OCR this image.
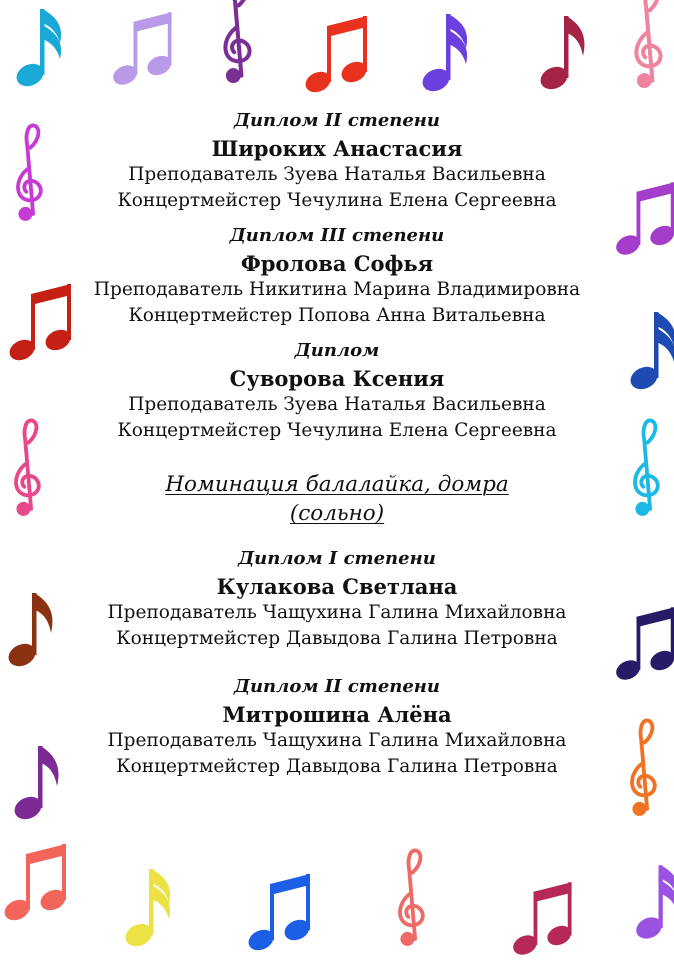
Диплом II степени
Широких Анастасия
Преподаватель Зуева Наталья Васильевна
Концертмейстер Чечулина Елена Сергеевна
Диплом III степени
Фролова Софья
Преподаватель Никитина Марина Владимировна
Концертмейстер Попова Анна Витальевна
Диплом
Суворова Ксения
Преподаватель Зуева Наталья Васильевна
Концертмейстер Чечулина Елена Сергеевна
Номинация балалайка, домра
(сольно)
Диплом I степени
Кулакова Светлана
Преподаватель Чащухина Галина Михайловна
Концертмейстер Давыдова Галина Петровна
Диплом II степени
Митрошина Алёна
Преподаватель Чащухина Галина Михайловна
Концертмейстер Давыдова Галина Петровна
